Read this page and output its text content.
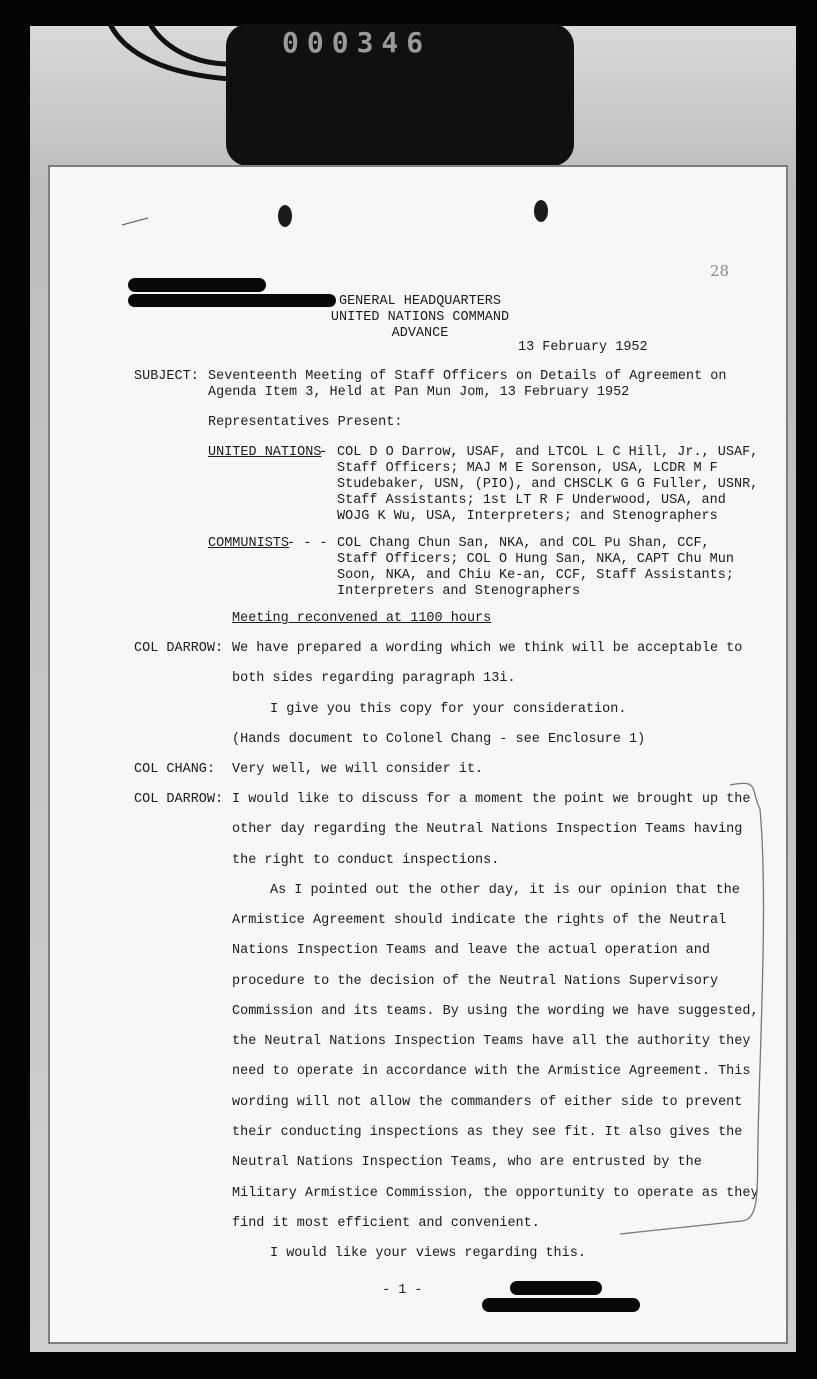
000346
28
GENERAL HEADQUARTERS
UNITED NATIONS COMMAND
ADVANCE
13 February 1952
SUBJECT: Seventeenth Meeting of Staff Officers on Details of Agreement on
Agenda Item 3, Held at Pan Mun Jom, 13 February 1952
Representatives Present:
UNITED NATIONS
- COL D O Darrow, USAF, and LTCOL L C Hill, Jr., USAF,
Staff Officers; MAJ M E Sorenson, USA, LCDR M F
Studebaker, USN, (PIO), and CHSCLK G G Fuller, USNR,
Staff Assistants; 1st LT R F Underwood, USA, and
WOJG K Wu, USA, Interpreters; and Stenographers
COMMUNISTS
- - - COL Chang Chun San, NKA, and COL Pu Shan, CCF,
Staff Officers; COL O Hung San, NKA, CAPT Chu Mun
Soon, NKA, and Chiu Ke-an, CCF, Staff Assistants;
Interpreters and Stenographers
Meeting reconvened at 1100 hours
COL DARROW: We have prepared a wording which we think will be acceptable to
both sides regarding paragraph 13i.
I give you this copy for your consideration.
(Hands document to Colonel Chang - see Enclosure 1)
COL CHANG: Very well, we will consider it.
COL DARROW: I would like to discuss for a moment the point we brought up the
other day regarding the Neutral Nations Inspection Teams having
the right to conduct inspections.
As I pointed out the other day, it is our opinion that the
Armistice Agreement should indicate the rights of the Neutral
Nations Inspection Teams and leave the actual operation and
procedure to the decision of the Neutral Nations Supervisory
Commission and its teams. By using the wording we have suggested,
the Neutral Nations Inspection Teams have all the authority they
need to operate in accordance with the Armistice Agreement. This
wording will not allow the commanders of either side to prevent
their conducting inspections as they see fit. It also gives the
Neutral Nations Inspection Teams, who are entrusted by the
Military Armistice Commission, the opportunity to operate as they
find it most efficient and convenient.
I would like your views regarding this.
- 1 -
